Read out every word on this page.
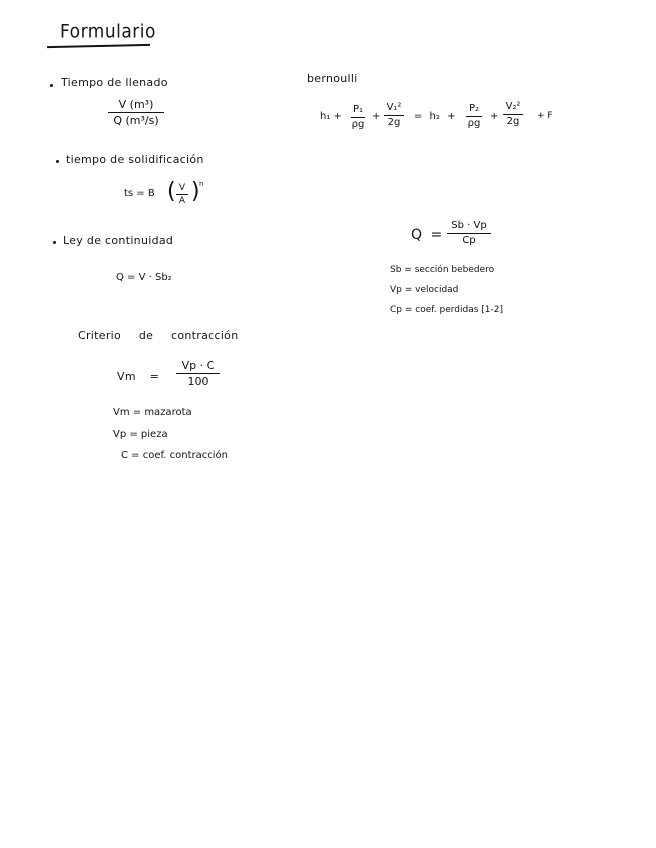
Formulario
Tiempo de llenado
V (m³)
Q (m³/s)
tiempo de solidificación
ts = B ( V
A ) n
Ley de continuidad
Q = V · Sb₂
Criterio de contracción
Vm =
Vp · C
100
Vm = mazarota
Vp = pieza
C = coef. contracción
bernoulli
h₁ +
P₁
ρg
+
V₁²
2g
= h₂ +
P₂
ρg
+
V₂²
2g
+ F
Q =
Sb · Vp
Cp
Sb = sección bebedero
Vp = velocidad
Cp = coef. perdidas [1-2]
